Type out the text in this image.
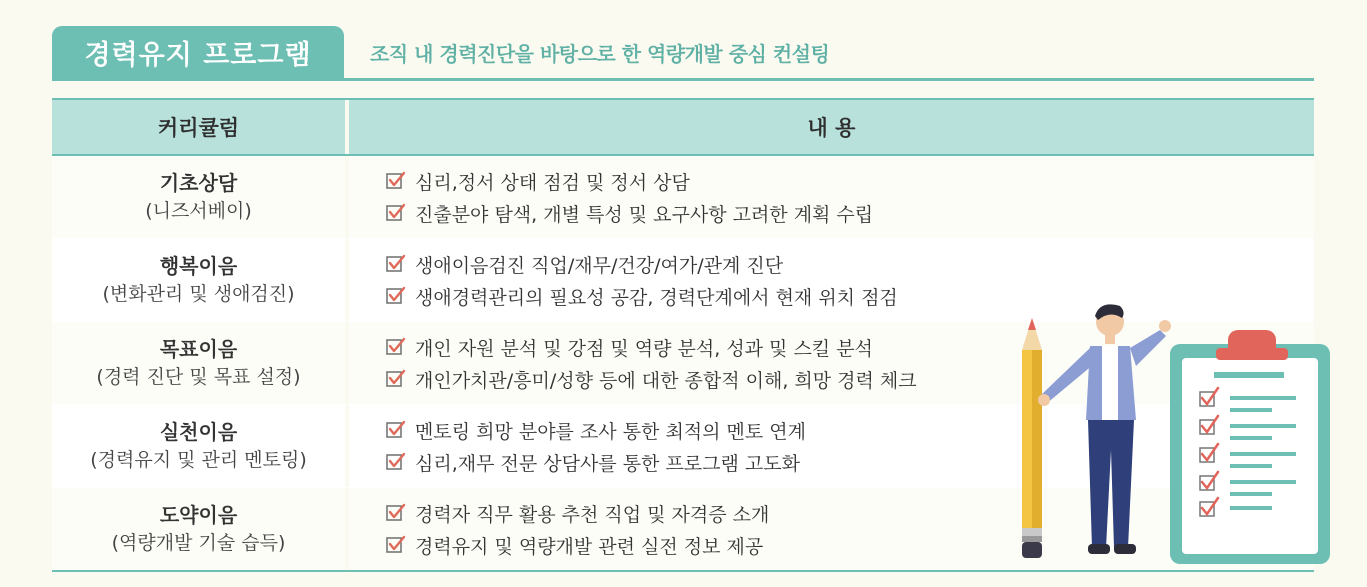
경력유지 프로그램	조직 내 경력진단을 바탕으로 한 역량개발 중심 컨설팅
커리큘럼	내 용
기초상담
(니즈서베이)
심리,정서 상태 점검 및 정서 상담
진출분야 탐색, 개별 특성 및 요구사항 고려한 계획 수립
행복이음
(변화관리 및 생애검진)
생애이음검진 직업/재무/건강/여가/관계 진단
생애경력관리의 필요성 공감, 경력단계에서 현재 위치 점검
목표이음
(경력 진단 및 목표 설정)
개인 자원 분석 및 강점 및 역량 분석, 성과 및 스킬 분석
개인가치관/흥미/성향 등에 대한 종합적 이해, 희망 경력 체크
실천이음
(경력유지 및 관리 멘토링)
멘토링 희망 분야를 조사 통한 최적의 멘토 연계
심리,재무 전문 상담사를 통한 프로그램 고도화
도약이음
(역량개발 기술 습득)
경력자 직무 활용 추천 직업 및 자격증 소개
경력유지 및 역량개발 관련 실전 정보 제공
